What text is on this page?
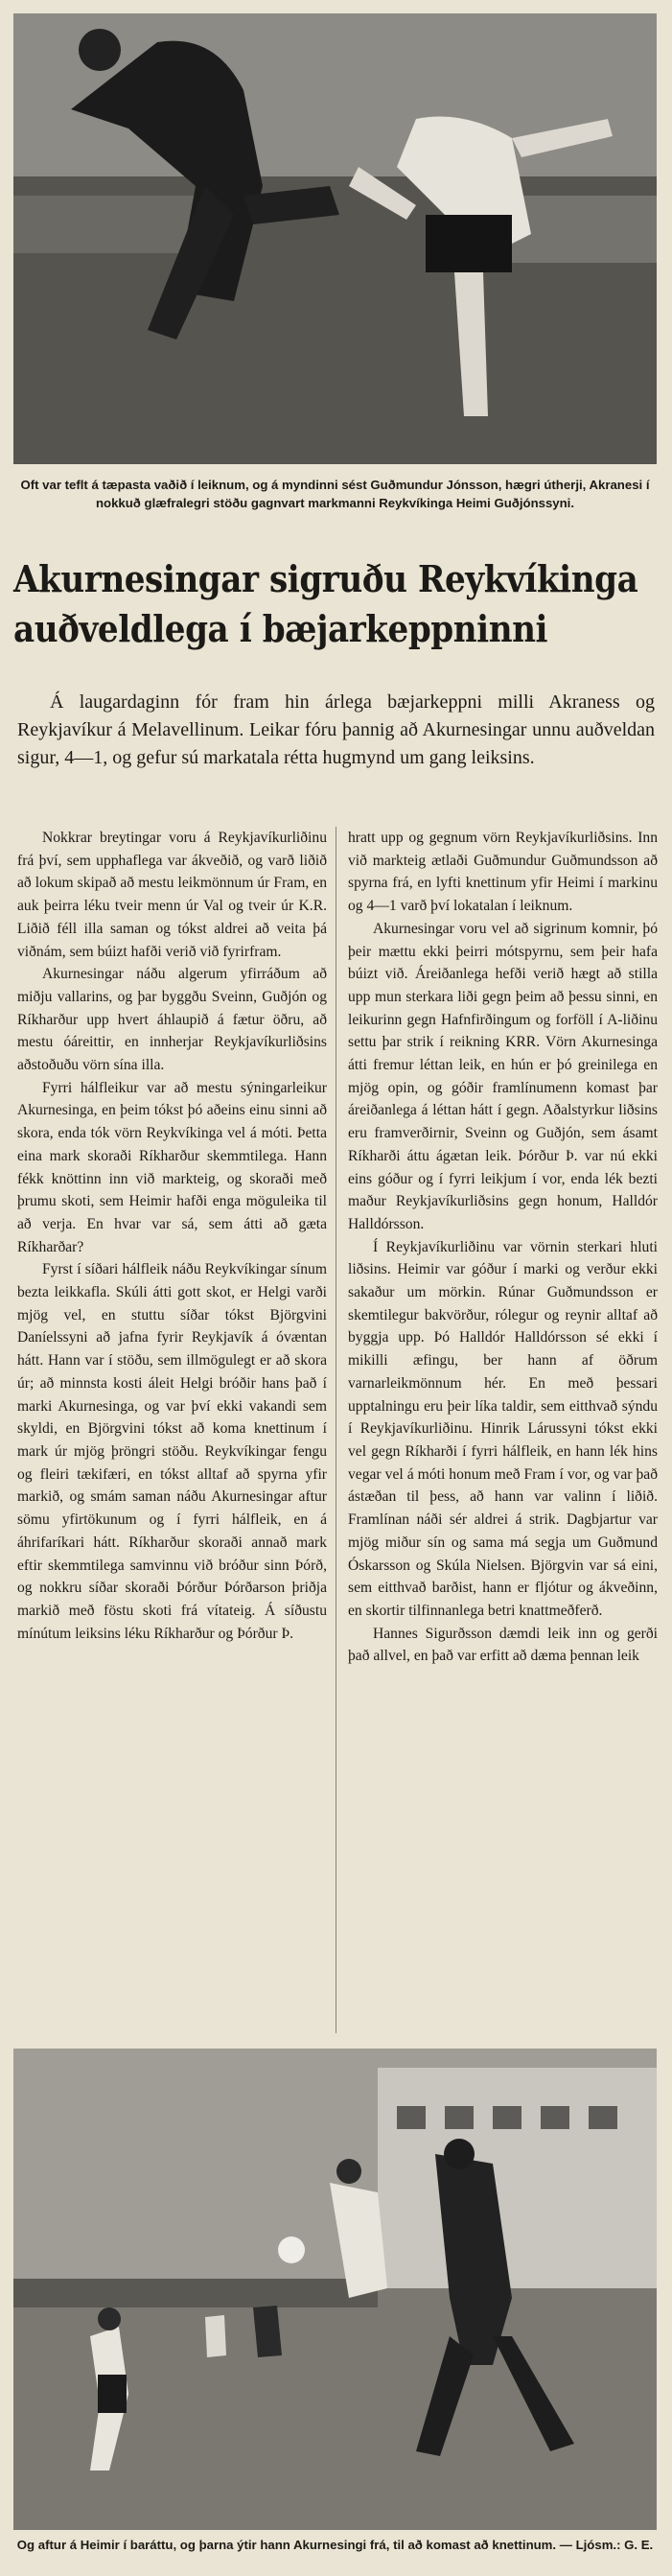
Oft var teflt á tæpasta vaðið í leiknum, og á myndinni sést Guðmundur Jónsson, hægri útherji, Akranesi í nokkuð glæfralegri stöðu gagnvart markmanni Reykvíkinga Heimi Guðjónssyni.

Akurnesingar sigruðu Reykvíkinga auðveldlega í bæjarkeppninni

Á laugardaginn fór fram hin árlega bæjarkeppni milli Akraness og Reykjavíkur á Melavellinum. Leikar fóru þannig að Akurnesingar unnu auðveldan sigur, 4—1, og gefur sú markatala rétta hugmynd um gang leiksins.

Nokkrar breytingar voru á Reykjavíkurliðinu frá því, sem upphaflega var ákveðið, og varð liðið að lokum skipað að mestu leikmönnum úr Fram, en auk þeirra léku tveir menn úr Val og tveir úr K.R. Liðið féll illa saman og tókst aldrei að veita þá viðnám, sem búizt hafði verið við fyrirfram.

Akurnesingar náðu algerum yfirráðum að miðju vallarins, og þar byggðu Sveinn, Guðjón og Ríkharður upp hvert áhlaupið á fætur öðru, að mestu óáreittir, en innherjar Reykjavíkurliðsins aðstoðuðu vörn sína illa.

Fyrri hálfleikur var að mestu sýningarleikur Akurnesinga, en þeim tókst þó aðeins einu sinni að skora, enda tók vörn Reykvíkinga vel á móti. Þetta eina mark skoraði Ríkharður skemmtilega. Hann fékk knöttinn inn við markteig, og skoraði með þrumu skoti, sem Heimir hafði enga möguleika til að verja. En hvar var sá, sem átti að gæta Ríkharðar?

Fyrst í síðari hálfleik náðu Reykvíkingar sínum bezta leikkafla. Skúli átti gott skot, er Helgi varði mjög vel, en stuttu síðar tókst Björgvini Daníelssyni að jafna fyrir Reykjavík á óvæntan hátt. Hann var í stöðu, sem illmögulegt er að skora úr; að minnsta kosti áleit Helgi bróðir hans það í marki Akurnesinga, og var því ekki vakandi sem skyldi, en Björgvini tókst að koma knettinum í mark úr mjög þröngri stöðu. Reykvíkingar fengu og fleiri tækifæri, en tókst alltaf að spyrna yfir markið, og smám saman náðu Akurnesingar aftur sömu yfirtökunum og í fyrri hálfleik, en á áhrifaríkari hátt. Ríkharður skoraði annað mark eftir skemmtilega samvinnu við bróður sinn Þórð, og nokkru síðar skoraði Þórður Þórðarson þriðja markið með föstu skoti frá vítateig. Á síðustu mínútum leiksins léku Ríkharður og Þórður Þ.

hratt upp og gegnum vörn Reykjavíkurliðsins. Inn við markteig ætlaði Guðmundur Guðmundsson að spyrna frá, en lyfti knettinum yfir Heimi í markinu og 4—1 varð því lokatalan í leiknum.

Akurnesingar voru vel að sigrinum komnir, þó þeir mættu ekki þeirri mótspyrnu, sem þeir hafa búizt við. Áreiðanlega hefði verið hægt að stilla upp mun sterkara liði gegn þeim að þessu sinni, en leikurinn gegn Hafnfirðingum og forföll í A-liðinu settu þar strik í reikning KRR. Vörn Akurnesinga átti fremur léttan leik, en hún er þó greinilega en mjög opin, og góðir framlínumenn komast þar áreiðanlega á léttan hátt í gegn. Aðalstyrkur liðsins eru framverðirnir, Sveinn og Guðjón, sem ásamt Ríkharði áttu ágætan leik. Þórður Þ. var nú ekki eins góður og í fyrri leikjum í vor, enda lék bezti maður Reykjavíkurliðsins gegn honum, Halldór Halldórsson.

Í Reykjavíkurliðinu var vörnin sterkari hluti liðsins. Heimir var góður í marki og verður ekki sakaður um mörkin. Rúnar Guðmundsson er skemtilegur bakvörður, rólegur og reynir alltaf að byggja upp. Þó Halldór Halldórsson sé ekki í mikilli æfingu, ber hann af öðrum varnarleikmönnum hér. En með þessari upptalningu eru þeir líka taldir, sem eitthvað sýndu í Reykjavíkurliðinu. Hinrik Lárussyni tókst ekki vel gegn Ríkharði í fyrri hálfleik, en hann lék hins vegar vel á móti honum með Fram í vor, og var það ástæðan til þess, að hann var valinn í liðið. Framlínan náði sér aldrei á strik. Dagbjartur var mjög miður sín og sama má segja um Guðmund Óskarsson og Skúla Nielsen. Björgvin var sá eini, sem eitthvað barðist, hann er fljótur og ákveðinn, en skortir tilfinnanlega betri knattmeðferð.

Hannes Sigurðsson dæmdi leik inn og gerði það allvel, en það var erfitt að dæma þennan leik

Og aftur á Heimir í baráttu, og þarna ýtir hann Akurnesingi frá, til að komast að knettinum. — Ljósm.: G. E.
